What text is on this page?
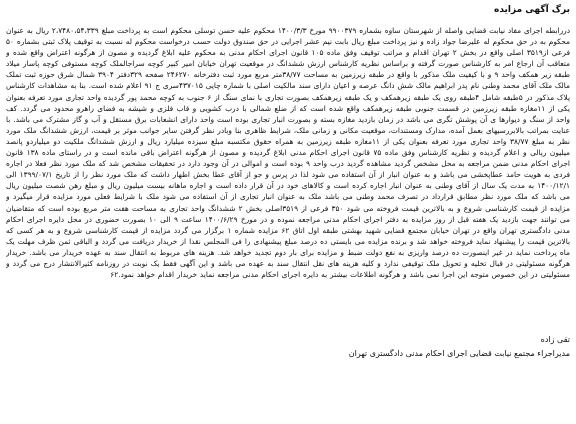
برگ آگهی مزایده
دررابطه اجرای مفاد نیابت قضایی واصله از شهرستان ساوه بشماره ۹۹۰۰۳۷۹ مورخ ۱۴۰۰/۳/۳ محکوم علیه حسن توسلی محکوم است به پرداخت مبلغ ۲،۷۴۸۰،۵۴،۳۳۹ ریال به عنوان محکوم به در حق محکوم له علیرضا جواد زاده و نیز پرداخت مبلغ ریال بابت نیم عشر اجرایی در حق صندوق دولت حسب درخواست محکوم له نسبت به توقیف پلاک ثبتی بشماره ۵۰ فرعی از۳۵۱۹ اصلی واقع در بخش ۲ تهران اقدام و مراتب توقیف وفق ماده ۱۰۵ قانون اجرای احکام مدنی به محکوم علیه ابلاغ گردیده و مصون از هرگونه اعتراض واقع شده و متعاقب آن ارجاع امر به کارشناس صورت گرفته و براساس نظریه کارشناس ارزش ششدانگ در موقعیت تهران خیابان امیر کبیر کوچه سراجالملک کوچه مستوفی کوچه پاسار میلاد طبقه زیر همکف واحد ۹ و با کیفیت ملک مذکور با واقع در طبقه زیرزمین به مساحت ۳۸/۷۷متر مربع مورد ثبت دفترخانه ۲۴۶۲۷۰ صفحه ۳۲۹دفتر ۳۹۰۴ شمال شرق حوزه ثبت تملک مالک ملک آقای محمد وطنی نام پدر ابراهیم مالک شش دانگ عرصه و اعیان دارای سند مالکیت اصلی با شماره چاپی ۴۳۷۰۱۵سری ج ۹۱ اعلام شده است. بنا به مشاهدات کارشناس پلاک مذکور در ۵طبقه شامل ۴طبقه روی یک طبقه زیرهمکف و یک طبقه زیرهمکف بصورت تجاری با نمای سنگ از ۶ جنوب به کوچه محمد پور گردیده واحد تجاری مورد تعرفه بعنوان یکی از ۱۱مغازه طبقه زیرزمین در قسمت جنوبی طبقه زیرهمکف واقع شده است که از ضلع شمالی با درب کشویی و قاب فلزی و شیشه به فضای راهرو محدود می گردد. کف واحد از سنگ و دیوارها ی آن پوشش تگری می باشد در زمان بازدید مغازه بسته و بصورت انبار تجاری بوده است واحد دارای انشعابات برق مستقل و آب و گاز مشترک می باشد. با عنایت بمراتب بالابررسیهای بعمل آمده، مدارک ومستندات، موقعیت مکانی و زمانی ملک، شرایط ظاهری بنا وبادر نظر گرفتن سایر جوانب موثر بر قیمت، ارزش ششدانگ ملک مورد نظر به مبلغ ۳۸/۷۷ واحد تجاری مورد تعرفه بعنوان یکی از ۱۱مغازه طبقه زیرزمین به همراه حقوق مکتسبه مبلغ سیزده میلیارد ریال و ارزش ششدانگ ملکیت دو میلیاردو پانصد میلیون ریالی و اعلام گردیده و نظریه کارشناس وفق ماده ۷۵ قانون اجرای احکام مدنی ابلاغ گردیده و مصون از هرگونه اعتراض باقی مانده است و در راستای ماده ۱۳۸ قانون اجرای احکام مدنی ضمن مراجعه به محل مشخص گردید مشاهده گردید درب واحد ۹ بوده است و اموالی در آن وجود دارد در تحقیقات مشخص شد که ملک مورد نظر فعلا در اجاره فردی به هویت حامد عطاپخشی می باشد و به عنوان انبار از آن استفاده می شود لذا در پرس و جو از آقای عطا بخش اظهار داشت که ملک مورد نظر را از تاریخ ۱۳۹۹/۰۷/۱ الی ۱۴۰۰/۱۲/۱ به مدت یک سال از آقای وطنی به عنوان انبار اجاره کرده است و کالاهای خود در آن قرار داده است و اجاره ماهانه بیست میلیون ریال و مبلغ رهن شصت میلیون ریال می باشد که ملک مورد نظر مطابق قرارداد در تصرف محمد وطنی می باشد ملک به عنوان انبار تجاری از آن استفاده می شود ملک با شرایط فعلی مورد مزایده قرار میگیرد و مزایده از قیمت کارشناسی شروع و به بالاترین قیمت فروخته می شود ۳۵۰ فرعی از ۳۵۱۹اصلی بخش ۲ ششدانگ واحد تجاری به مساحت هفت متر مربع بوده است که متقاضیان می توانند جهت بازدید یک هفته قبل از روز مزایده به دفتر اجرای احکام مدنی مراجعه نموده و در مورخ ۱۴۰۰/۶/۲۹ ساعت ۹ الی ۱۰ بصورت حضوری در محل دایره اجرای احکام مدنی دادگستری تهران واقع در تهران خیابان مجتمع قضایی شهید بهشتی طبقه اول اتاق ۶۲ مزایده شماره ۱ برگزار می گردد مزایده از قیمت کارشناسی شروع و به هر کسی که بالاترین قیمت را پیشنهاد نماید فروخته خواهد شد و برنده مزایده می بایستی ده درصد مبلغ پیشنهادی را فی المجلس نقدا از خریدار دریافت می گردد و الباقی ثمن ظرف مهلت یک ماه پرداخت نماید در غیر اینصورت ده درصد واریزی به نفع دولت ضبط و مزایده برای بار دوم تجدید خواهد شد. هزینه های مربوط به انتقال سند به عهده خریدار می باشد. خریدار هرگونه مسئولیتی در قبال تخلیه و تحویل ملک توقیفی ندارد و کلیه هزینه های نقل انتقال سند به عهده می باشد و این آگهی فقط یک نوبت در روزنامه کثیرالانتشار درج می گردد و مسئولیتی در این خصوص متوجه این اجرا نمی باشد و هرگونه اطلاعات بیشتر به دایره اجرای احکام مدنی مراجعه نماید خریدار اقدام خواهد نمود.۶۲
تقی زاده
مدیراجراء مجتمع نیابت قضایی اجرای احکام مدنی دادگستری تهران
